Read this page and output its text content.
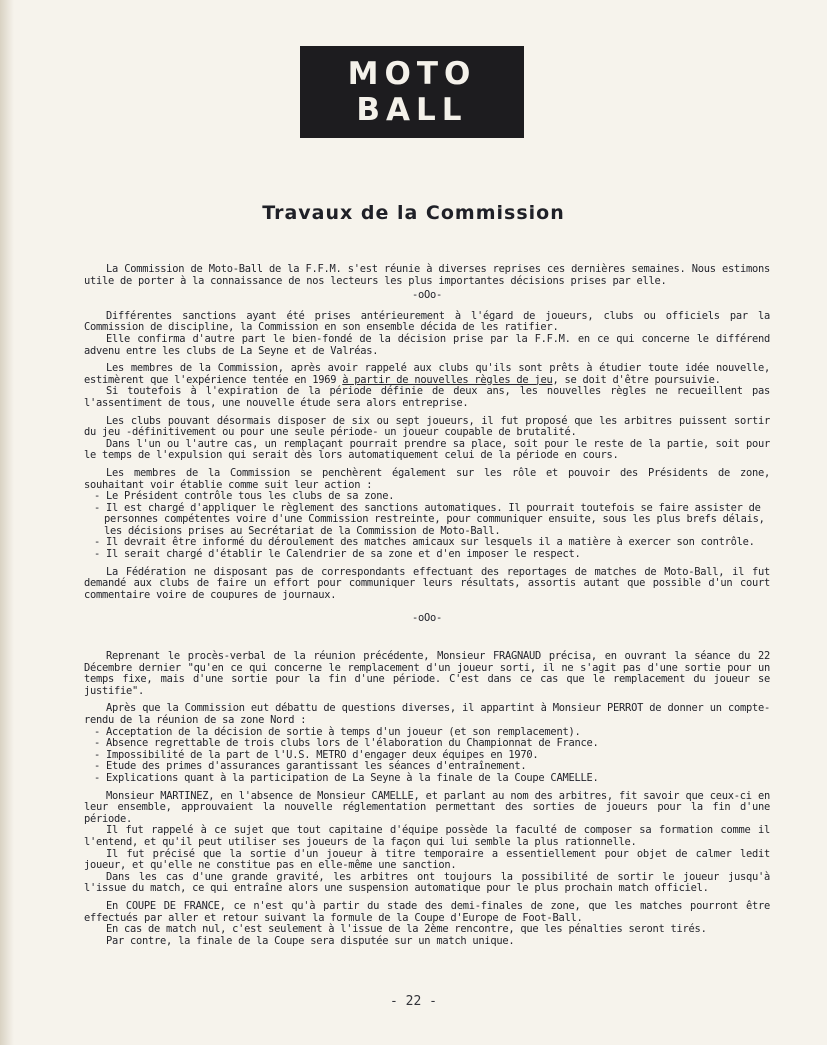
MOTO
BALL
Travaux de la Commission

La Commission de Moto-Ball de la F.F.M. s'est réunie à diverses reprises ces dernières semaines. Nous estimons utile de porter à la connaissance de nos lecteurs les plus importantes décisions prises par elle.

-oOo-

Différentes sanctions ayant été prises antérieurement à l'égard de joueurs, clubs ou officiels par la Commission de discipline, la Commission en son ensemble décida de les ratifier.

Elle confirma d'autre part le bien-fondé de la décision prise par la F.F.M. en ce qui concerne le différend advenu entre les clubs de La Seyne et de Valréas.

Les membres de la Commission, après avoir rappelé aux clubs qu'ils sont prêts à étudier toute idée nouvelle, estimèrent que l'expérience tentée en 1969 à partir de nouvelles règles de jeu, se doit d'être poursuivie.

Si toutefois à l'expiration de la période définie de deux ans, les nouvelles règles ne recueillent pas l'assentiment de tous, une nouvelle étude sera alors entreprise.

Les clubs pouvant désormais disposer de six ou sept joueurs, il fut proposé que les arbitres puissent sortir du jeu -définitivement ou pour une seule période- un joueur coupable de brutalité.

Dans l'un ou l'autre cas, un remplaçant pourrait prendre sa place, soit pour le reste de la partie, soit pour le temps de l'expulsion qui serait dès lors automatiquement celui de la période en cours.

Les membres de la Commission se penchèrent également sur les rôle et pouvoir des Présidents de zone, souhaitant voir établie comme suit leur action :

- Le Président contrôle tous les clubs de sa zone.
- Il est chargé d'appliquer le règlement des sanctions automatiques. Il pourrait toutefois se faire assister de personnes compétentes voire d'une Commission restreinte, pour communiquer ensuite, sous les plus brefs délais, les décisions prises au Secrétariat de la Commission de Moto-Ball.
- Il devrait être informé du déroulement des matches amicaux sur lesquels il a matière à exercer son contrôle.
- Il serait chargé d'établir le Calendrier de sa zone et d'en imposer le respect.

La Fédération ne disposant pas de correspondants effectuant des reportages de matches de Moto-Ball, il fut demandé aux clubs de faire un effort pour communiquer leurs résultats, assortis autant que possible d'un court commentaire voire de coupures de journaux.

-oOo-

Reprenant le procès-verbal de la réunion précédente, Monsieur FRAGNAUD précisa, en ouvrant la séance du 22 Décembre dernier "qu'en ce qui concerne le remplacement d'un joueur sorti, il ne s'agit pas d'une sortie pour un temps fixe, mais d'une sortie pour la fin d'une période. C'est dans ce cas que le remplacement du joueur se justifie".

Après que la Commission eut débattu de questions diverses, il appartint à Monsieur PERROT de donner un compte-rendu de la réunion de sa zone Nord :

- Acceptation de la décision de sortie à temps d'un joueur (et son remplacement).
- Absence regrettable de trois clubs lors de l'élaboration du Championnat de France.
- Impossibilité de la part de l'U.S. METRO d'engager deux équipes en 1970.
- Etude des primes d'assurances garantissant les séances d'entraînement.
- Explications quant à la participation de La Seyne à la finale de la Coupe CAMELLE.

Monsieur MARTINEZ, en l'absence de Monsieur CAMELLE, et parlant au nom des arbitres, fit savoir que ceux-ci en leur ensemble, approuvaient la nouvelle réglementation permettant des sorties de joueurs pour la fin d'une période.

Il fut rappelé à ce sujet que tout capitaine d'équipe possède la faculté de composer sa formation comme il l'entend, et qu'il peut utiliser ses joueurs de la façon qui lui semble la plus rationnelle.

Il fut précisé que la sortie d'un joueur à titre temporaire a essentiellement pour objet de calmer ledit joueur, et qu'elle ne constitue pas en elle-même une sanction.

Dans les cas d'une grande gravité, les arbitres ont toujours la possibilité de sortir le joueur jusqu'à l'issue du match, ce qui entraîne alors une suspension automatique pour le plus prochain match officiel.

En COUPE DE FRANCE, ce n'est qu'à partir du stade des demi-finales de zone, que les matches pourront être effectués par aller et retour suivant la formule de la Coupe d'Europe de Foot-Ball.

En cas de match nul, c'est seulement à l'issue de la 2ème rencontre, que les pénalties seront tirés.

Par contre, la finale de la Coupe sera disputée sur un match unique.

- 22 -
